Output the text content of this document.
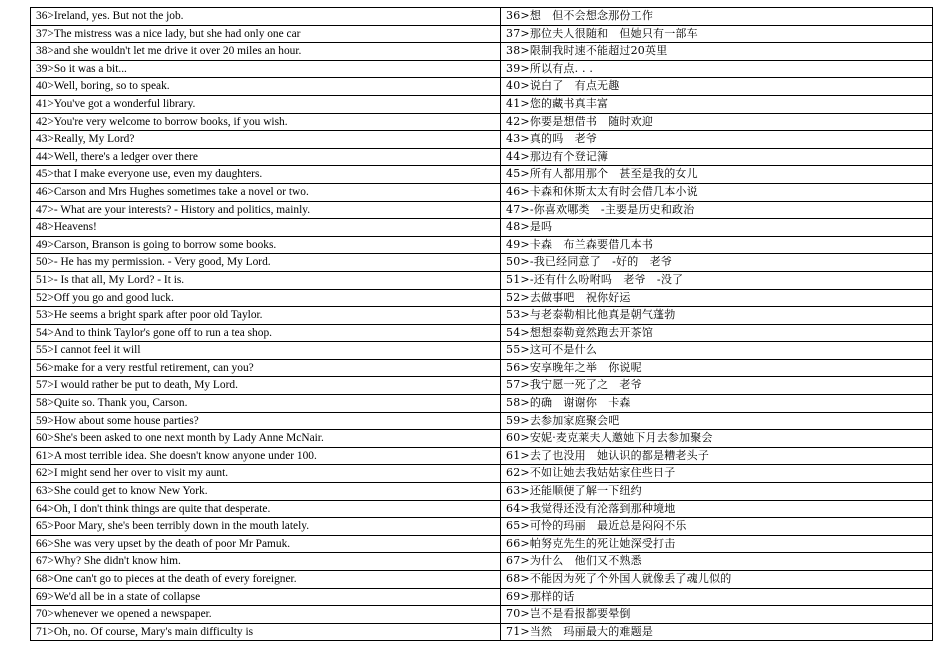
36>Ireland, yes. But not the job.	36>想　但不会想念那份工作
37>The mistress was a nice lady, but she had only one car	37>那位夫人很随和　但她只有一部车
38>and she wouldn't let me drive it over 20 miles an hour.	38>限制我时速不能超过20英里
39>So it was a bit...	39>所以有点. . .
40>Well, boring, so to speak.	40>说白了　有点无趣
41>You've got a wonderful library.	41>您的藏书真丰富
42>You're very welcome to borrow books, if you wish.	42>你要是想借书　随时欢迎
43>Really, My Lord?	43>真的吗　老爷
44>Well, there's a ledger over there	44>那边有个登记簿
45>that I make everyone use, even my daughters.	45>所有人都用那个　甚至是我的女儿
46>Carson and Mrs Hughes sometimes take a novel or two.	46>卡森和休斯太太有时会借几本小说
47>- What are your interests? - History and politics, mainly.	47>-你喜欢哪类　-主要是历史和政治
48>Heavens!	48>是吗
49>Carson, Branson is going to borrow some books.	49>卡森　布兰森要借几本书
50>- He has my permission. - Very good, My Lord.	50>-我已经同意了　-好的　老爷
51>- Is that all, My Lord? - It is.	51>-还有什么吩咐吗　老爷　-没了
52>Off you go and good luck.	52>去做事吧　祝你好运
53>He seems a bright spark after poor old Taylor.	53>与老泰勒相比他真是朝气蓬勃
54>And to think Taylor's gone off to run a tea shop.	54>想想泰勒竟然跑去开茶馆
55>I cannot feel it will	55>这可不是什么
56>make for a very restful retirement, can you?	56>安享晚年之举　你说呢
57>I would rather be put to death, My Lord.	57>我宁愿一死了之　老爷
58>Quite so. Thank you, Carson.	58>的确　谢谢你　卡森
59>How about some house parties?	59>去参加家庭聚会吧
60>She's been asked to one next month by Lady Anne McNair.	60>安妮·麦克莱夫人邀她下月去参加聚会
61>A most terrible idea. She doesn't know anyone under 100.	61>去了也没用　她认识的都是糟老头子
62>I might send her over to visit my aunt.	62>不如让她去我姑姑家住些日子
63>She could get to know New York.	63>还能顺便了解一下纽约
64>Oh, I don't think things are quite that desperate.	64>我觉得还没有沦落到那种境地
65>Poor Mary, she's been terribly down in the mouth lately.	65>可怜的玛丽　最近总是闷闷不乐
66>She was very upset by the death of poor Mr Pamuk.	66>帕努克先生的死让她深受打击
67>Why? She didn't know him.	67>为什么　他们又不熟悉
68>One can't go to pieces at the death of every foreigner.	68>不能因为死了个外国人就像丢了魂儿似的
69>We'd all be in a state of collapse	69>那样的话
70>whenever we opened a newspaper.	70>岂不是看报都要晕倒
71>Oh, no. Of course, Mary's main difficulty is	71>当然　玛丽最大的难题是
